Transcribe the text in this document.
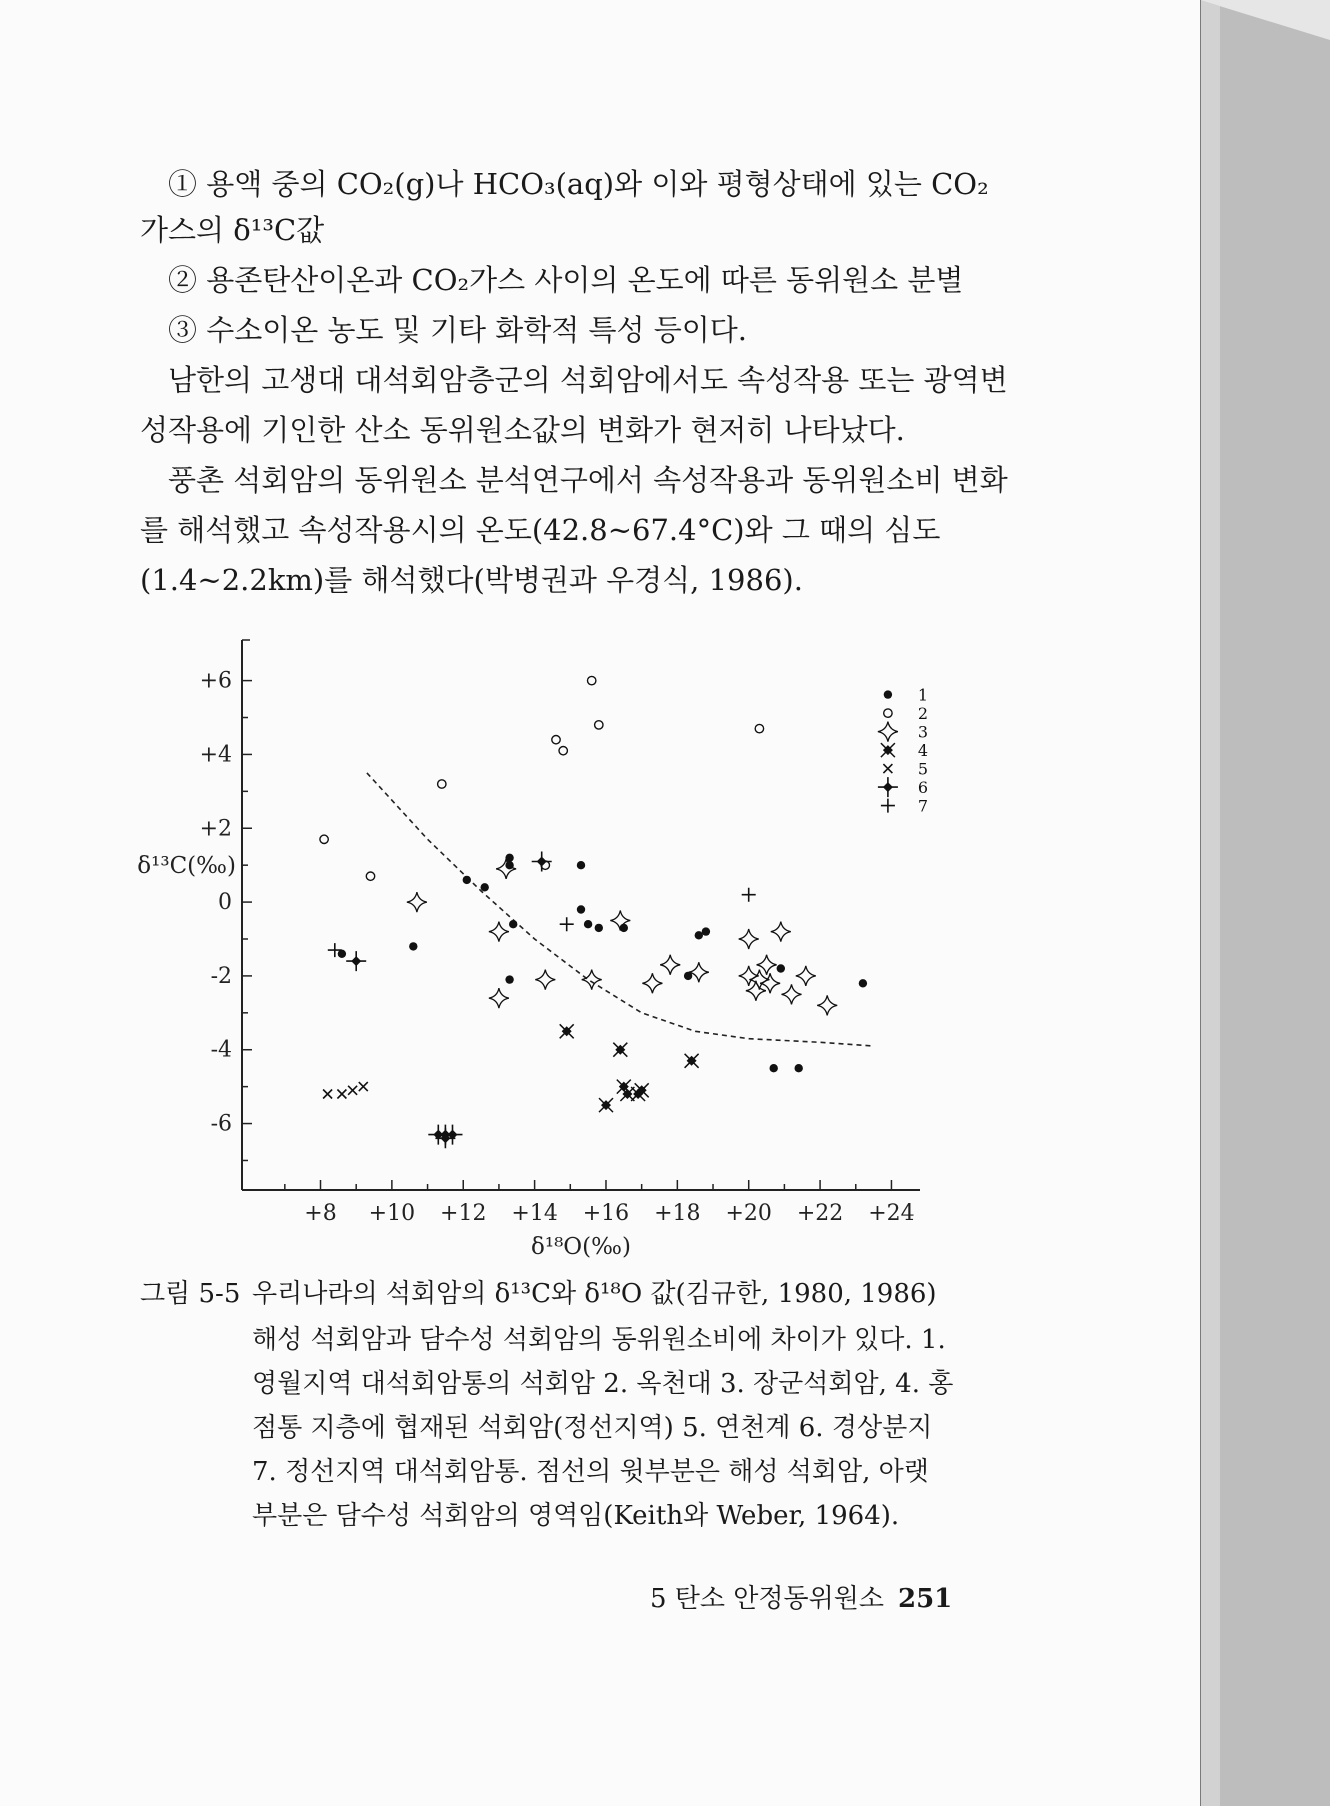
① 용액 중의 CO₂(g)나 HCO₃(aq)와 이와 평형상태에 있는 CO₂
가스의 δ¹³C값
② 용존탄산이온과 CO₂가스 사이의 온도에 따른 동위원소 분별
③ 수소이온 농도 및 기타 화학적 특성 등이다.
남한의 고생대 대석회암층군의 석회암에서도 속성작용 또는 광역변
성작용에 기인한 산소 동위원소값의 변화가 현저히 나타났다.
풍촌 석회암의 동위원소 분석연구에서 속성작용과 동위원소비 변화
를 해석했고 속성작용시의 온도(42.8~67.4°C)와 그 때의 심도
(1.4~2.2km)를 해석했다(박병권과 우경식, 1986).
+8 +10 +12 +14 +16 +18 +20 +22 +24
+6
+4
+2
0
-2
-4
-6
δ¹⁸O(‰)
δ¹³C(‰)
1
2
3
4
5
6
7
그림 5-5 우리나라의 석회암의 δ¹³C와 δ¹⁸O 값(김규한, 1980, 1986)
해성 석회암과 담수성 석회암의 동위원소비에 차이가 있다. 1.
영월지역 대석회암통의 석회암 2. 옥천대 3. 장군석회암, 4. 홍
점통 지층에 협재된 석회암(정선지역) 5. 연천계 6. 경상분지
7. 정선지역 대석회암통. 점선의 윗부분은 해성 석회암, 아랫
부분은 담수성 석회암의 영역임(Keith와 Weber, 1964).
5 탄소 안정동위원소 251
